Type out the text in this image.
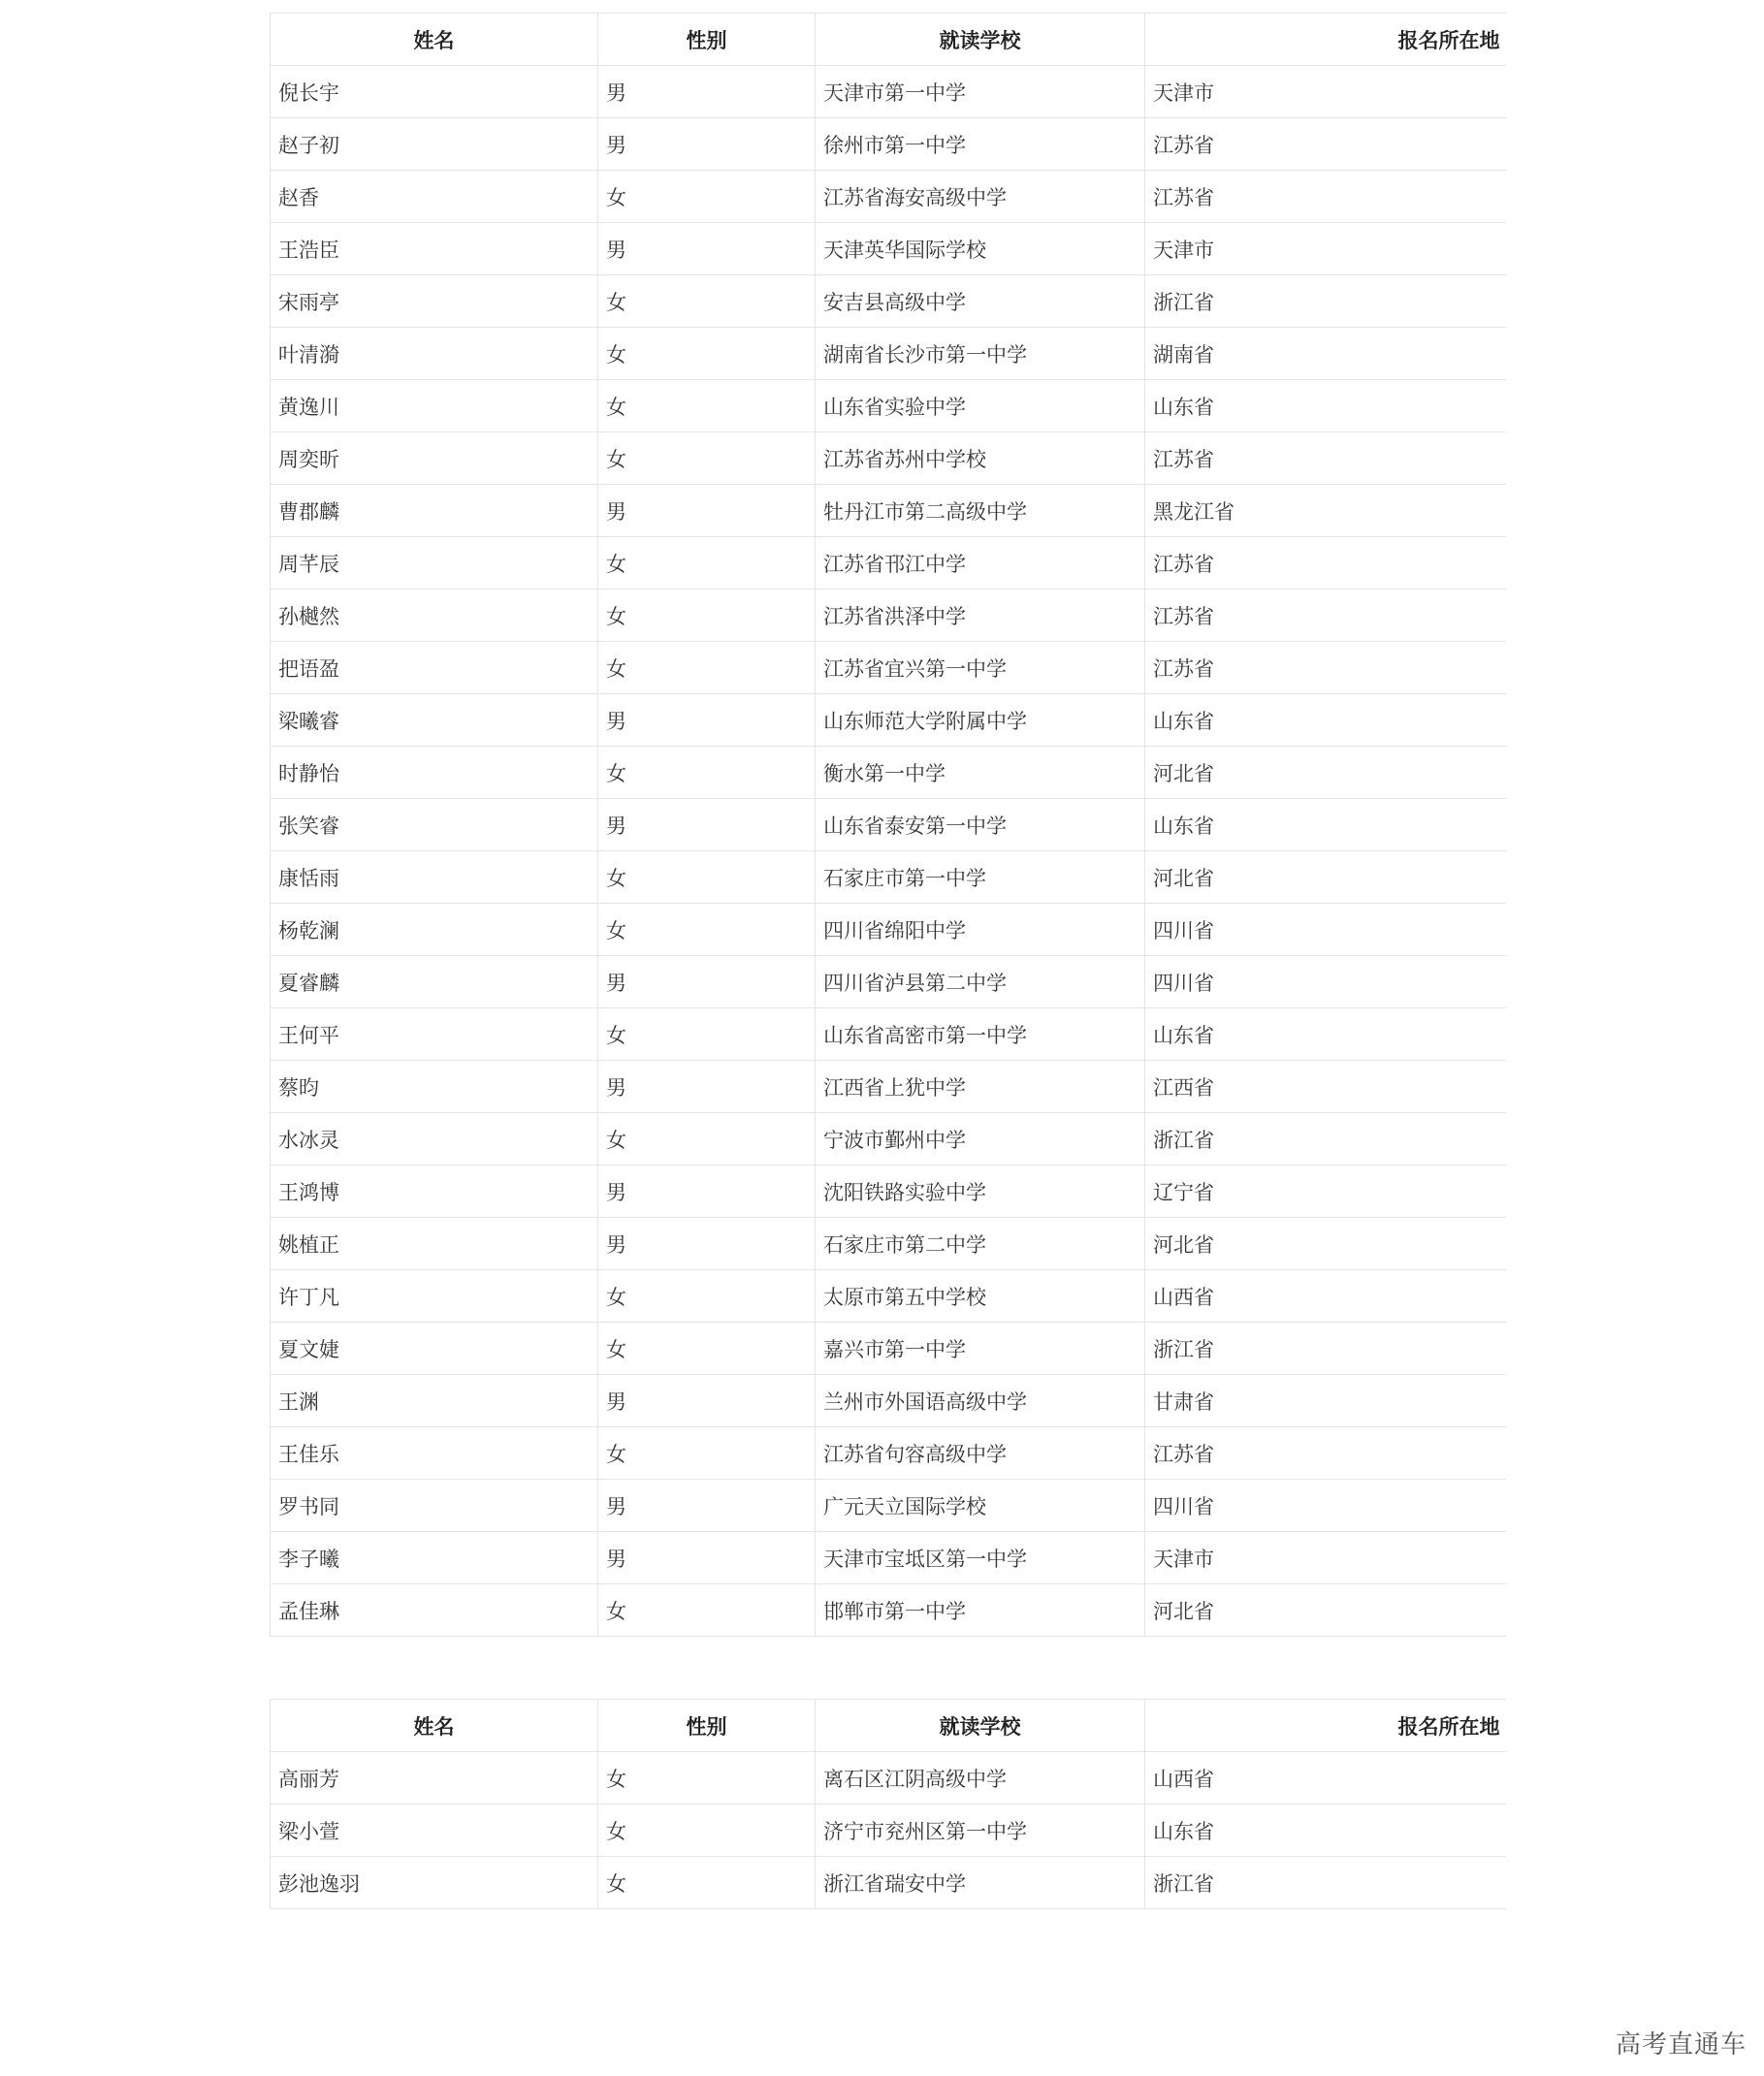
姓名	性别	就读学校	报名所在地
倪长宇	男	天津市第一中学	天津市
赵子初	男	徐州市第一中学	江苏省
赵香	女	江苏省海安高级中学	江苏省
王浩臣	男	天津英华国际学校	天津市
宋雨亭	女	安吉县高级中学	浙江省
叶清漪	女	湖南省长沙市第一中学	湖南省
黄逸川	女	山东省实验中学	山东省
周奕昕	女	江苏省苏州中学校	江苏省
曹郡麟	男	牡丹江市第二高级中学	黑龙江省
周芊辰	女	江苏省邗江中学	江苏省
孙樾然	女	江苏省洪泽中学	江苏省
把语盈	女	江苏省宜兴第一中学	江苏省
梁曦睿	男	山东师范大学附属中学	山东省
时静怡	女	衡水第一中学	河北省
张笑睿	男	山东省泰安第一中学	山东省
康恬雨	女	石家庄市第一中学	河北省
杨乾澜	女	四川省绵阳中学	四川省
夏睿麟	男	四川省泸县第二中学	四川省
王何平	女	山东省高密市第一中学	山东省
蔡昀	男	江西省上犹中学	江西省
水冰灵	女	宁波市鄞州中学	浙江省
王鸿博	男	沈阳铁路实验中学	辽宁省
姚植正	男	石家庄市第二中学	河北省
许丁凡	女	太原市第五中学校	山西省
夏文婕	女	嘉兴市第一中学	浙江省
王渊	男	兰州市外国语高级中学	甘肃省
王佳乐	女	江苏省句容高级中学	江苏省
罗书同	男	广元天立国际学校	四川省
李子曦	男	天津市宝坻区第一中学	天津市
孟佳琳	女	邯郸市第一中学	河北省
姓名	性别	就读学校	报名所在地
高丽芳	女	离石区江阴高级中学	山西省
梁小萱	女	济宁市兖州区第一中学	山东省
彭池逸羽	女	浙江省瑞安中学	浙江省
高考直通车
